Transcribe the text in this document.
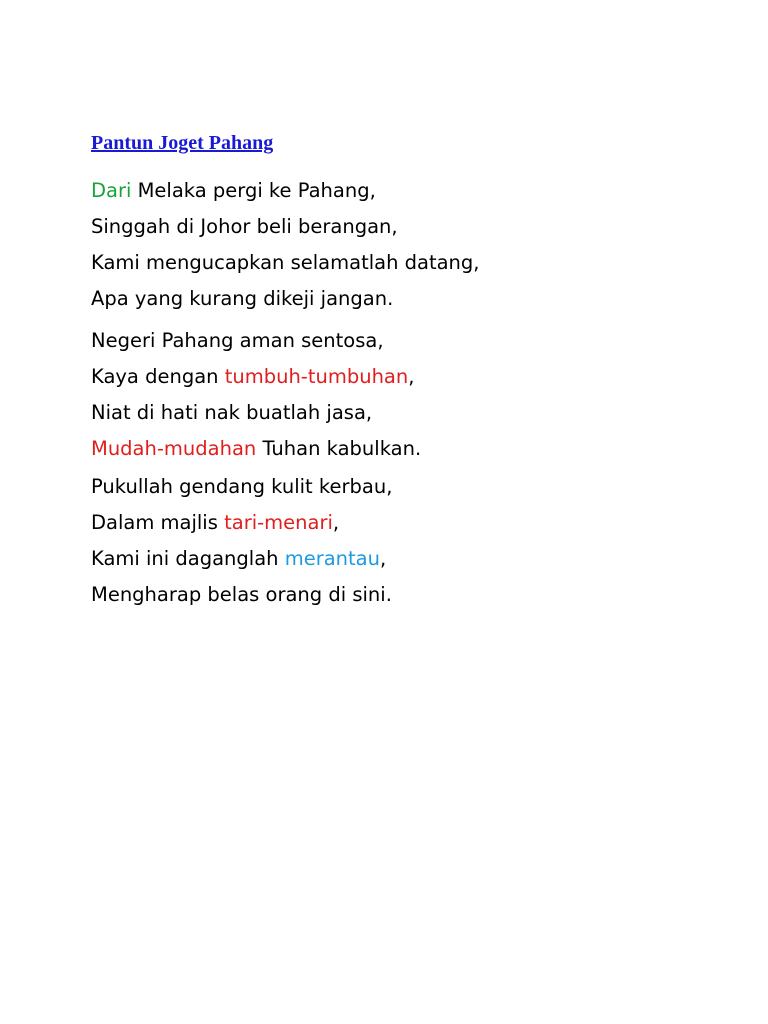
Pantun Joget Pahang
Dari Melaka pergi ke Pahang,
Singgah di Johor beli berangan,
Kami mengucapkan selamatlah datang,
Apa yang kurang dikeji jangan.
Negeri Pahang aman sentosa,
Kaya dengan tumbuh-tumbuhan,
Niat di hati nak buatlah jasa,
Mudah-mudahan Tuhan kabulkan.
Pukullah gendang kulit kerbau,
Dalam majlis tari-menari,
Kami ini daganglah merantau,
Mengharap belas orang di sini.
